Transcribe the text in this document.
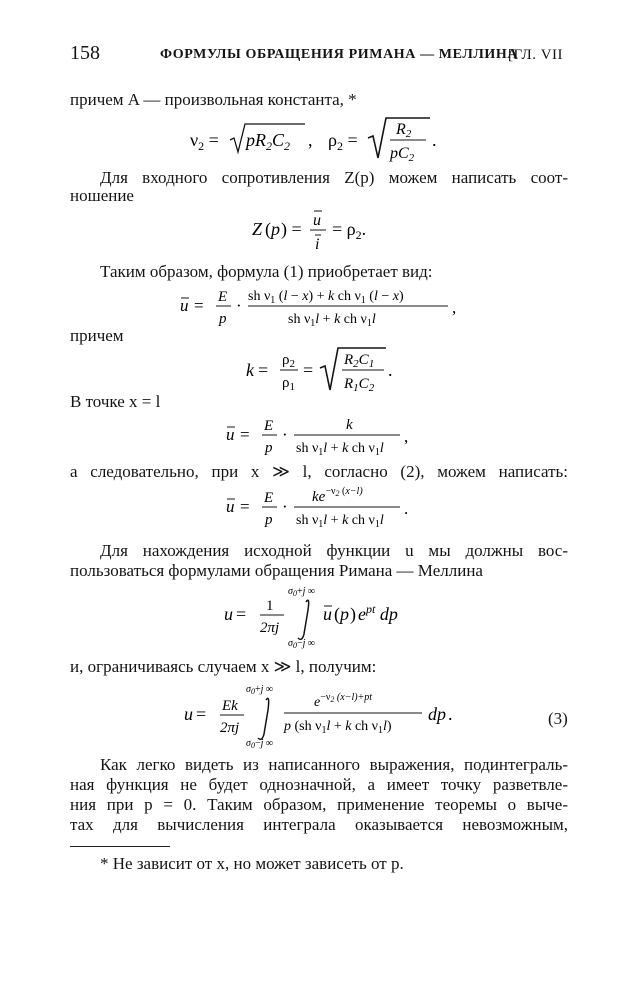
158	ФОРМУЛЫ ОБРАЩЕНИЯ РИМАНА — МЕЛЛИНА
[ГЛ. VII
причем A — произвольная константа, *
$\nu_2 = pR_2C_2$ , $\rho_2$ =
R2
pC2
.
Для входного сопротивления Z(p) можем написать соот-
ношение
Z ( p ) = u
i
= $\rho_2$.
Таким образом, формула (1) приобретает вид:
u = E
p
· sh $\nu_1$ (l − x) + k ch $\nu_1$ (l − x)
sh $\nu_1l + k$ ch $\nu_1l$
,
причем
$k = \rho_2$
$\rho_1$
= $R_2C_1$
$R_1C_2$
.
В точке x = l
u = E
p
·	k
sh $\nu_1l + k$ ch $\nu_1l$
,
а следовательно, при x ≫ l, согласно (2), можем написать:
u = E
p
· $ke^{-\nu}2$ (x−l)
sh $\nu_1l + k$ ch $\nu_1l$
.
Для нахождения исходной функции u мы должны вос-
пользоваться формулами обращения Римана — Меллина
u = 1
2πj
$\sigma_0+j$ ∞
$\sigma_0-j$ ∞
u ( p ) $e^{pt}$ dp
и, ограничиваясь случаем x ≫ l, получим:
u = Ek
2πj
$\sigma_0+j$ ∞
$\sigma_0-j$ ∞
$e^{-\nu}2$ (x−l)+pt
p (sh $\nu_1l + k$ ch $\nu_1l$)
dp .	(3)
Как легко видеть из написанного выражения, подинтеграль-
ная функция не будет однозначной, а имеет точку разветвле-
ния при p = 0. Таким образом, применение теоремы о выче-
тах для вычисления интеграла оказывается невозможным,
* Не зависит от x, но может зависеть от p.
